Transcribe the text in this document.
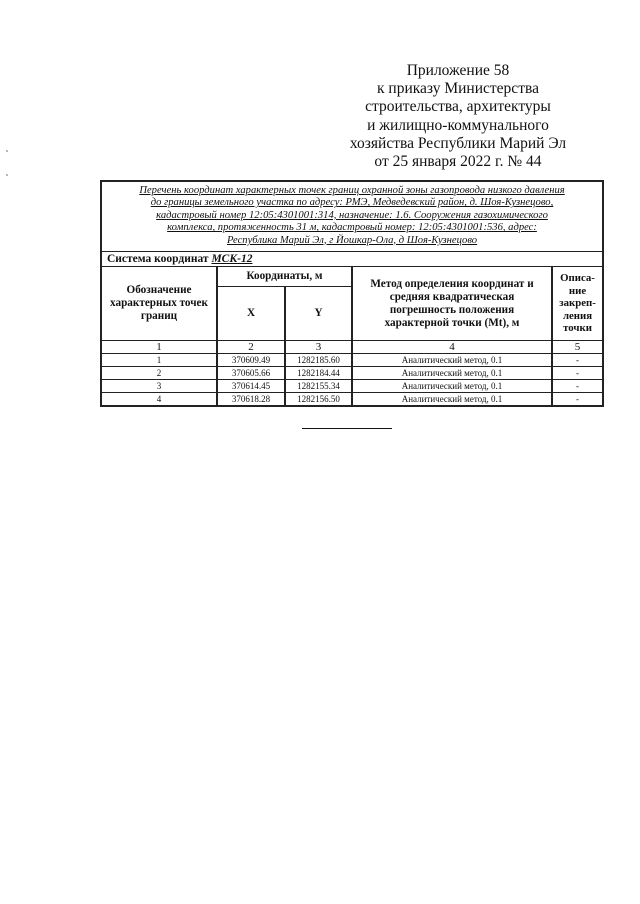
Приложение 58
к приказу Министерства
строительства, архитектуры
и жилищно-коммунального
хозяйства Республики Марий Эл
от 25 января 2022 г. № 44
Перечень координат характерных точек границ охранной зоны газопровода низкого давления
до границы земельного участка по адресу: РМЭ, Медведевский район, д. Шоя-Кузнецово,
кадастровый номер 12:05:4301001:314, назначение: 1.6. Сооружения газохимического
комплекса, протяженность 31 м, кадастровый номер: 12:05:4301001:536, адрес:
Республика Марий Эл, г Йошкар-Ола, д Шоя-Кузнецово				

Система координат МСК-12				
Обозначение характерных точек границ	Координаты, м		Метод определения координат и средняя квадратическая погрешность положения характерной точки (Mt), м	Описа-ние закреп-ления точки
	X	Y		
1	2	3	4	5
1	370609.49	1282185.60	Аналитический метод, 0.1	-
2	370605.66	1282184.44	Аналитический метод, 0.1	-
3	370614.45	1282155.34	Аналитический метод, 0.1	-
4	370618.28	1282156.50	Аналитический метод, 0.1	-
